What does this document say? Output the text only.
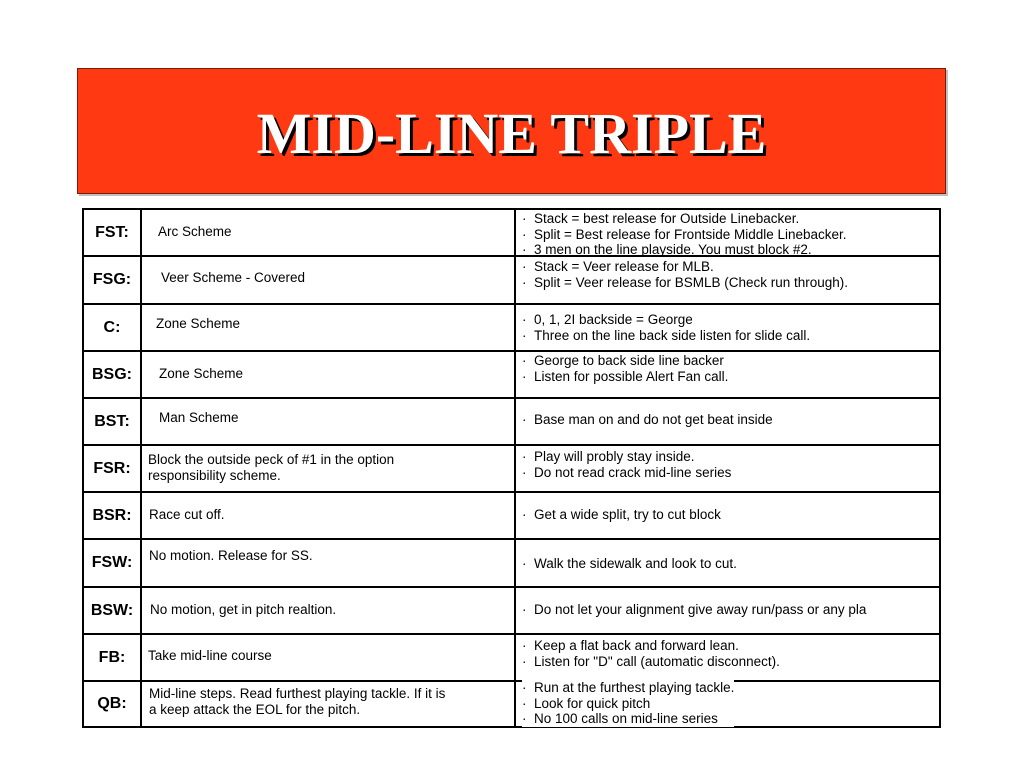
MID-LINE TRIPLE
FST:	Arc Scheme
· Stack = best release for Outside Linebacker.
· Split = Best release for Frontside Middle Linebacker.
· 3 men on the line playside. You must block #2.
FSG:	Veer Scheme - Covered
· Stack = Veer release for MLB.
· Split = Veer release for BSMLB (Check run through).
C:	Zone Scheme	· 0, 1, 2I backside = George
· Three on the line back side listen for slide call.
BSG:	Zone Scheme
· George to back side line backer
· Listen for possible Alert Fan call.
BST:	Man Scheme	· Base man on and do not get beat inside
FSR:	Block the outside peck of #1 in the option
responsibility scheme.
· Play will probly stay inside.
· Do not read crack mid-line series
BSR:	Race cut off.	· Get a wide split, try to cut block
FSW:	No motion. Release for SS.
· Walk the sidewalk and look to cut.
BSW:	No motion, get in pitch realtion.	· Do not let your alignment give away run/pass or any pla
FB:	Take mid-line course
· Keep a flat back and forward lean.
· Listen for "D" call (automatic disconnect).
QB:
Mid-line steps. Read furthest playing tackle. If it is
a keep attack the EOL for the pitch.
· Run at the furthest playing tackle.
· Look for quick pitch
· No 100 calls on mid-line series
